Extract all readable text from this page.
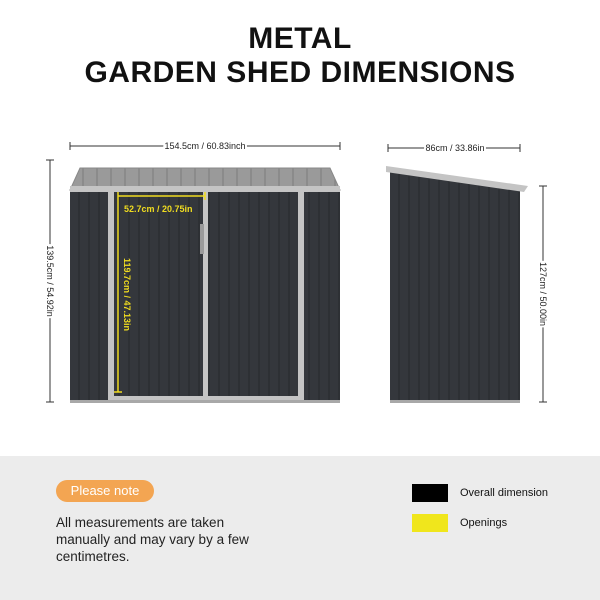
METAL
GARDEN SHED DIMENSIONS
52.7cm / 20.75in
119.7cm / 47.13in
154.5cm / 60.83inch
139.5cm / 54.92in
86cm / 33.86in
127cm / 50.00in
Please note
All measurements are taken manually and may vary by a few centimetres.
Overall dimension
Openings
